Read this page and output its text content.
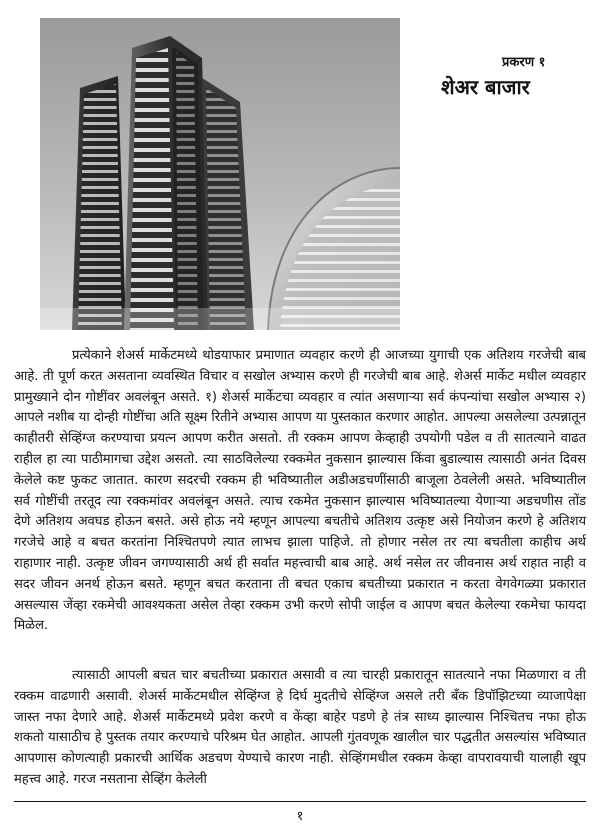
प्रकरण १
शेअर बाजार

प्रत्येकाने शेअर्स मार्केटमध्ये थोडयाफार प्रमाणात व्यवहार करणे ही आजच्या युगाची एक अतिशय गरजेची बाब आहे. ती पूर्ण करत असताना व्यवस्थित विचार व सखोल अभ्यास करणे ही गरजेची बाब आहे. शेअर्स मार्केट मधील व्यवहार प्रामुख्याने दोन गोष्टींवर अवलंबून असते. १) शेअर्स मार्केटचा व्यवहार व त्यांत असणाऱ्या सर्व कंपन्यांचा सखोल अभ्यास २) आपले नशीब या दोन्ही गोष्टींचा अति सूक्ष्म रितीने अभ्यास आपण या पुस्तकात करणार आहोत. आपल्या असलेल्या उत्पन्नातून काहीतरी सेव्हिंग्ज करण्याचा प्रयत्न आपण करीत असतो. ती रक्कम आपण केव्हाही उपयोगी पडेल व ती सातत्याने वाढत राहील हा त्या पाठीमागचा उद्देश असतो. त्या साठविलेल्या रक्कमेत नुकसान झाल्यास किंवा बुडाल्यास त्यासाठी अनंत दिवस केलेले कष्ट फुकट जातात. कारण सदरची रक्कम ही भविष्यातील अडीअडचणींसाठी बाजूला ठेवलेली असते. भविष्यातील सर्व गोष्टींची तरतूद त्या रक्कमांवर अवलंबून असते. त्याच रकमेत नुकसान झाल्यास भविष्यातल्या येणाऱ्या अडचणीस तोंड देणे अतिशय अवघड होऊन बसते. असे होऊ नये म्हणून आपल्या बचतीचे अतिशय उत्कृष्ट असे नियोजन करणे हे अतिशय गरजेचे आहे व बचत करतांना निश्चितपणे त्यात लाभच झाला पाहिजे. तो होणार नसेल तर त्या बचतीला काहीच अर्थ राहाणार नाही. उत्कृष्ट जीवन जगण्यासाठी अर्थ ही सर्वात महत्त्वाची बाब आहे. अर्थ नसेल तर जीवनास अर्थ राहात नाही व सदर जीवन अनर्थ होऊन बसते. म्हणून बचत करताना ती बचत एकाच बचतीच्या प्रकारात न करता वेगवेगळ्या प्रकारात असल्यास जेंव्हा रकमेची आवश्यकता असेल तेव्हा रक्कम उभी करणे सोपी जाईल व आपण बचत केलेल्या रकमेचा फायदा मिळेल.

त्यासाठी आपली बचत चार बचतीच्या प्रकारात असावी व त्या चारही प्रकारातून सातत्याने नफा मिळणारा व ती रक्कम वाढणारी असावी. शेअर्स मार्केटमधील सेव्हिंग्ज हे दिर्घ मुदतीचे सेव्हिंग्ज असले तरी बँक डिपॉझिटच्या व्याजापेक्षा जास्त नफा देणारे आहे. शेअर्स मार्केटमध्ये प्रवेश करणे व केंव्हा बाहेर पडणे हे तंत्र साध्य झाल्यास निश्चितच नफा होऊ शकतो यासाठीच हे पुस्तक तयार करण्याचे परिश्रम घेत आहोत. आपली गुंतवणूक खालील चार पद्धतीत असल्यांस भविष्यात आपणास कोणत्याही प्रकारची आर्थिक अडचण येण्याचे कारण नाही. सेव्हिंगमधील रक्कम केव्हा वापरावयाची यालाही खूप महत्त्व आहे. गरज नसताना सेव्हिंग केलेली

१
